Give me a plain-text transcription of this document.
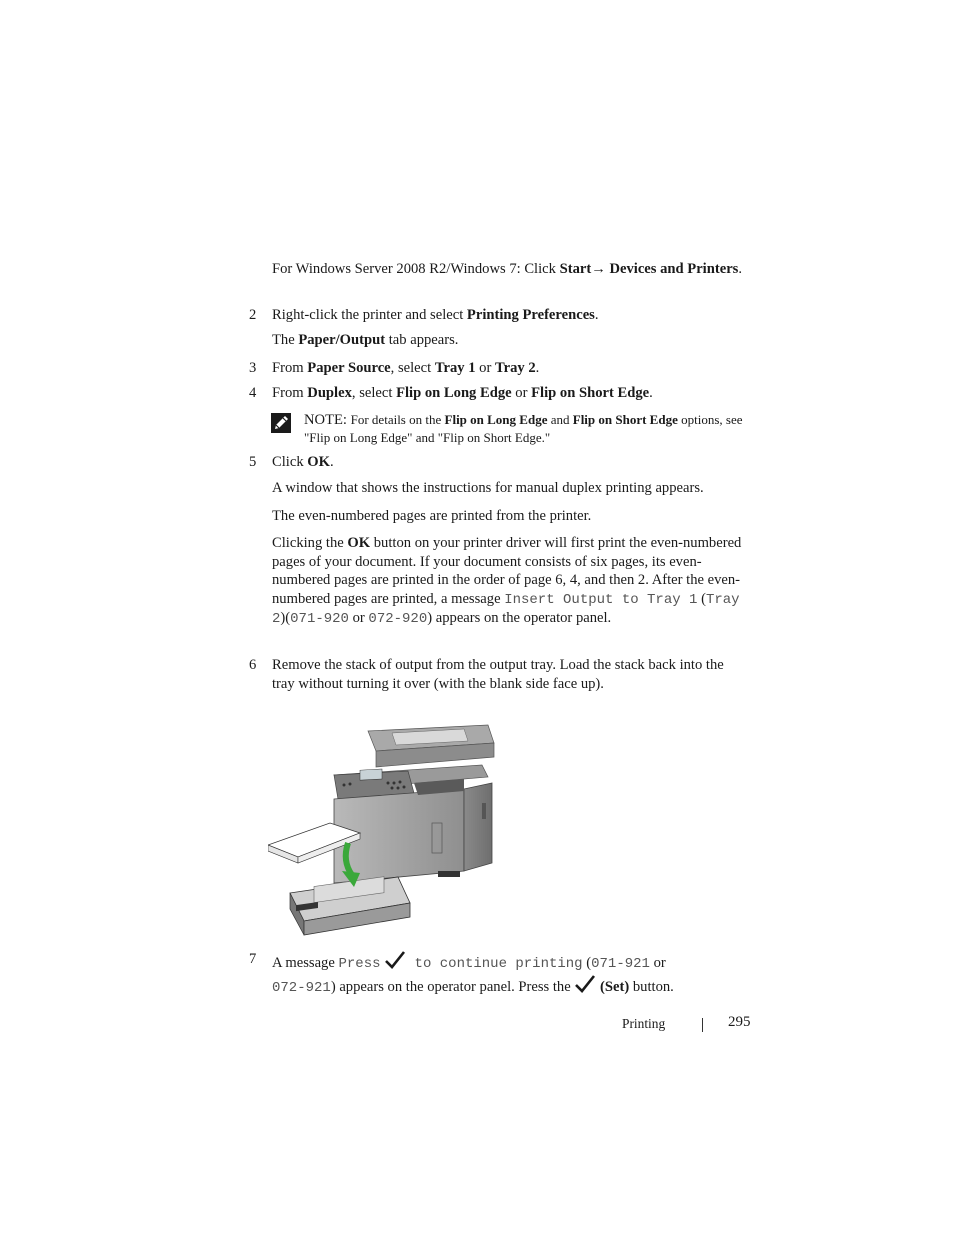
For Windows Server 2008 R2/Windows 7: Click Start→ Devices and Printers.

2 Right-click the printer and select Printing Preferences.

The Paper/Output tab appears.

3 From Paper Source, select Tray 1 or Tray 2.

4 From Duplex, select Flip on Long Edge or Flip on Short Edge.

NOTE: For details on the Flip on Long Edge and Flip on Short Edge options, see "Flip on Long Edge" and "Flip on Short Edge."
5 Click OK.

A window that shows the instructions for manual duplex printing appears.

The even-numbered pages are printed from the printer.

Clicking the OK button on your printer driver will first print the even-numbered pages of your document. If your document consists of six pages, its even-numbered pages are printed in the order of page 6, 4, and then 2. After the even-numbered pages are printed, a message Insert Output to Tray 1 (Tray 2)(071-920 or 072-920) appears on the operator panel.

6 Remove the stack of output from the output tray. Load the stack back into the tray without turning it over (with the blank side face up).

7 A message Press  to continue printing (071-921 or
072-921) appears on the operator panel. Press the  (Set) button.

Printing	295
